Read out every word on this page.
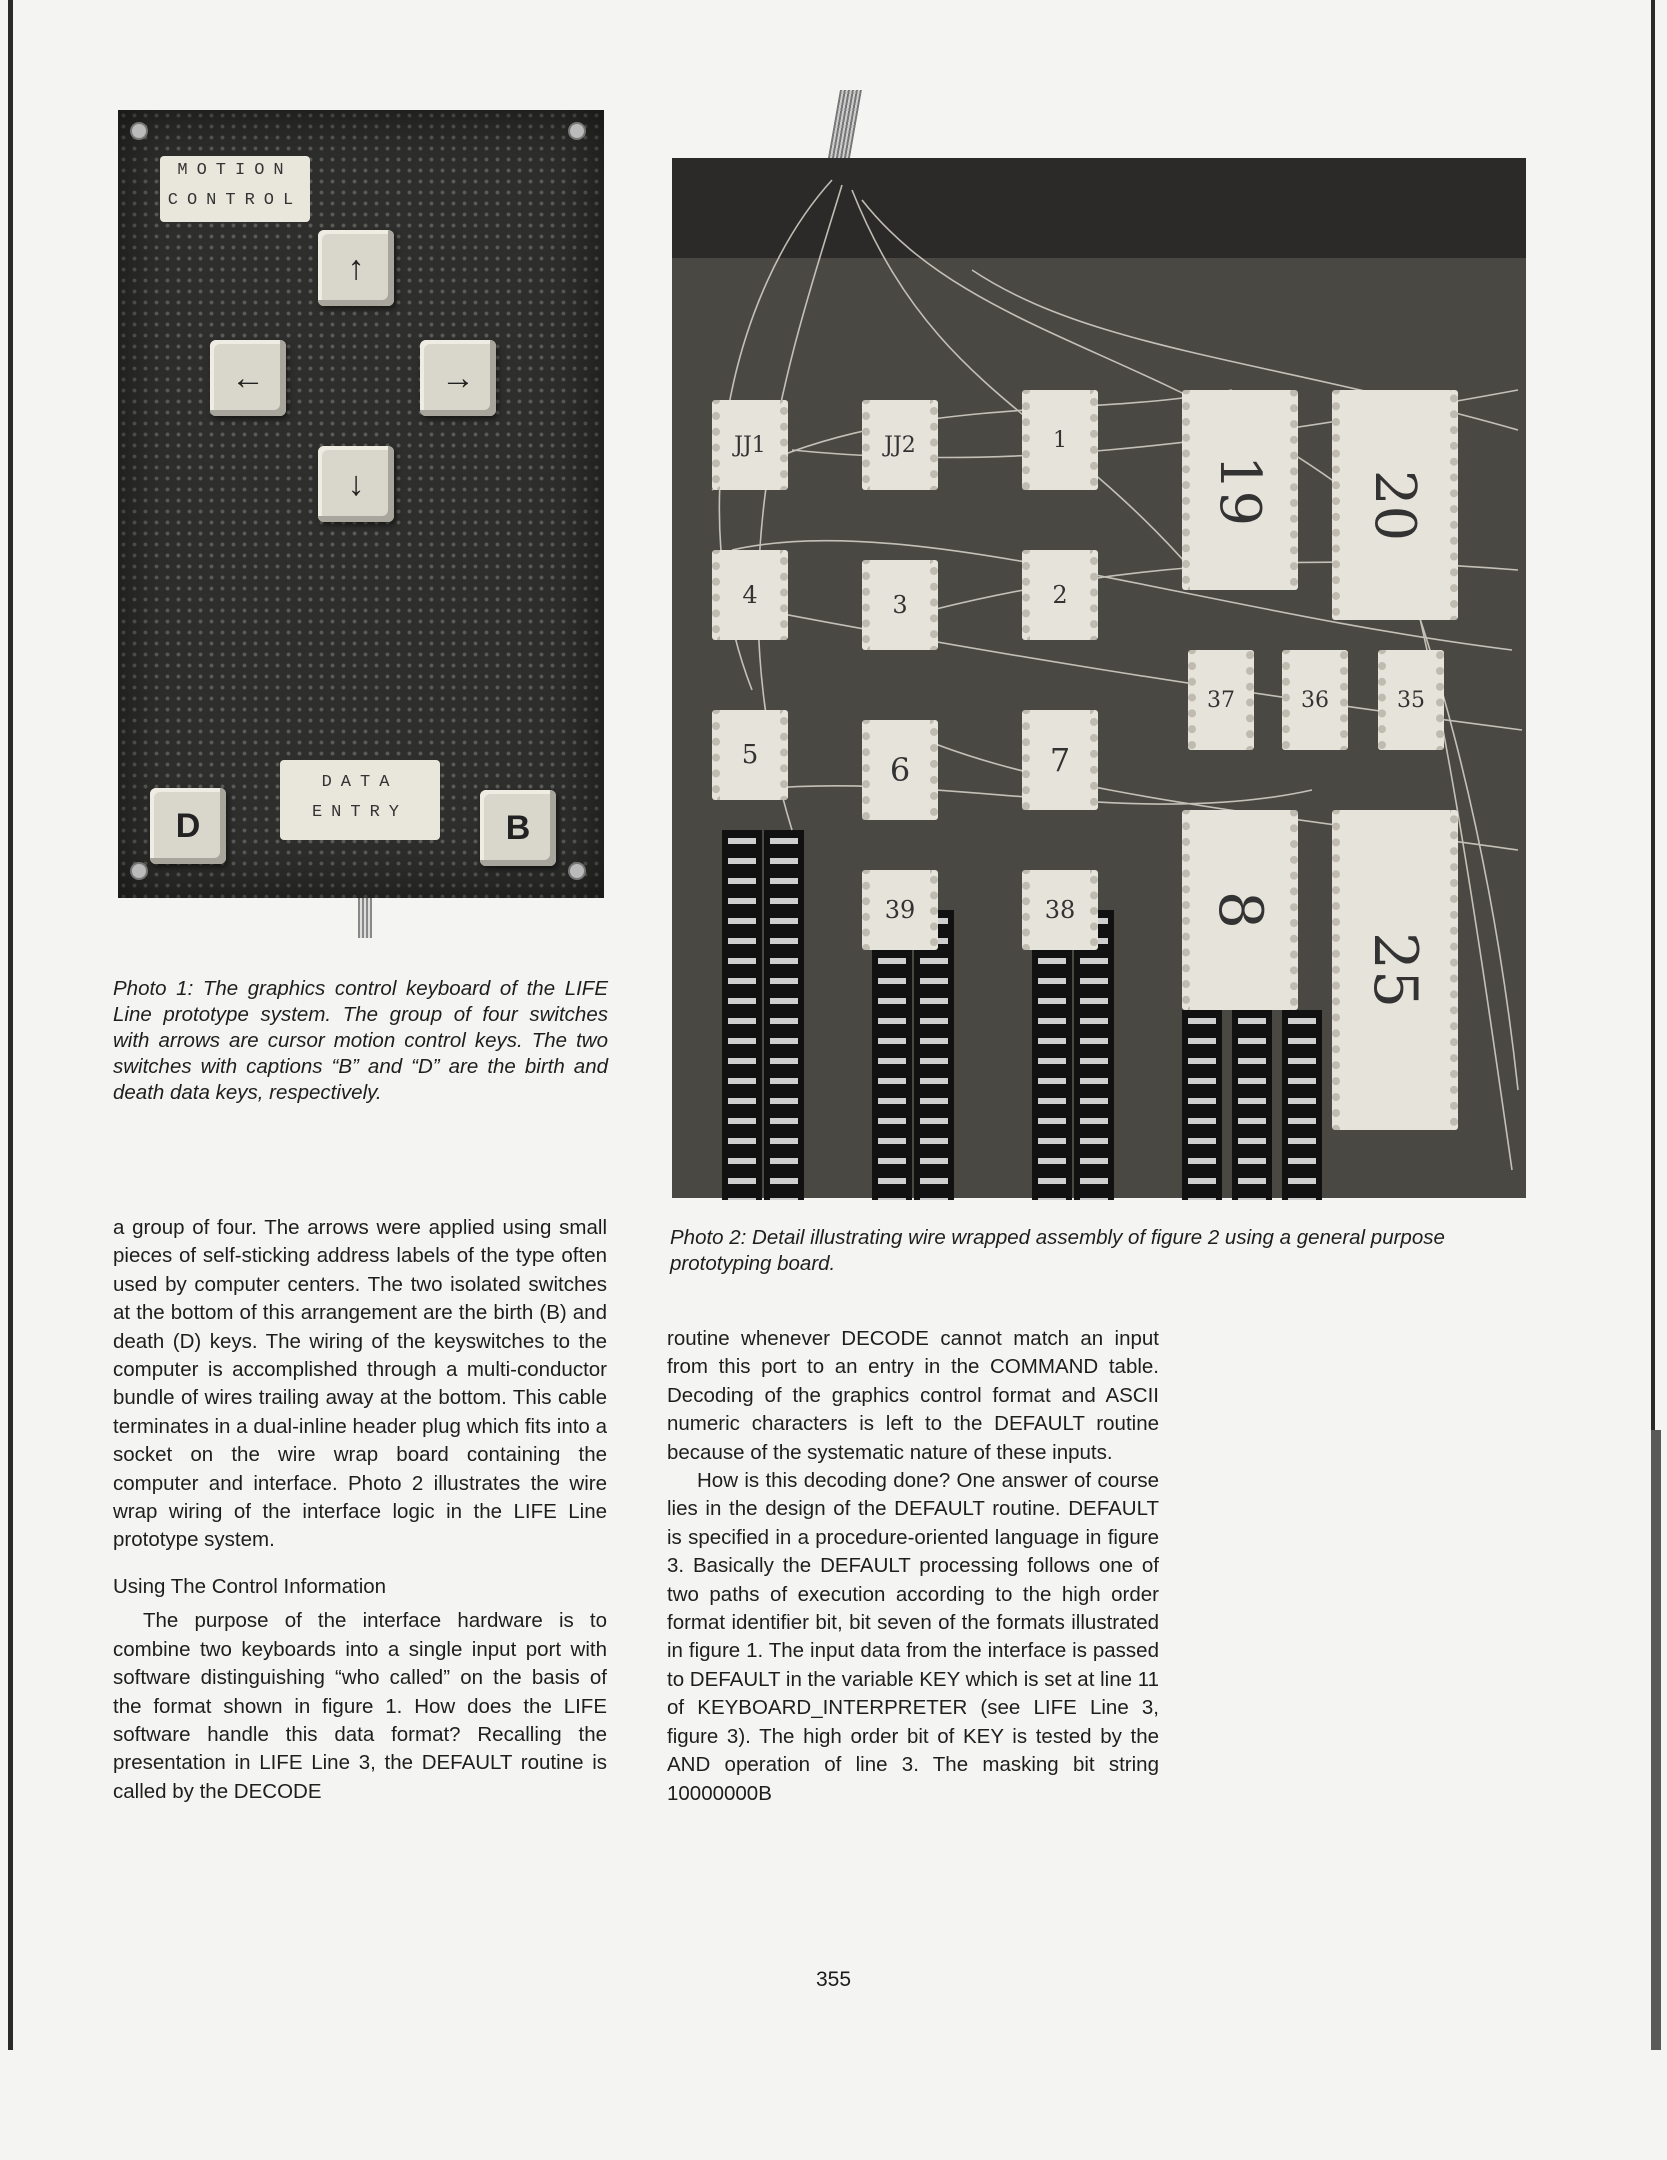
MOTION
CONTROL
↑
←	→
↓
DATA
ENTRY
D	B

Photo 1: The graphics control keyboard of the LIFE Line prototype system. The group of four switches with arrows are cursor motion control keys. The two switches with captions “B” and “D” are the birth and death data keys, respectively.

JJ1	JJ2	1
19 20
4	3	2
37	36	35
5	6	7
8
25
39	38

Photo 2: Detail illustrating wire wrapped assembly of figure 2 using a general purpose prototyping board.

a group of four. The arrows were applied using small pieces of self-sticking address labels of the type often used by computer centers. The two isolated switches at the bottom of this arrangement are the birth (B) and death (D) keys. The wiring of the keyswitches to the computer is accomplished through a multi-conductor bundle of wires trailing away at the bottom. This cable terminates in a dual-inline header plug which fits into a socket on the wire wrap board containing the computer and interface. Photo 2 illustrates the wire wrap wiring of the interface logic in the LIFE Line prototype system.

Using The Control Information

The purpose of the interface hardware is to combine two keyboards into a single input port with software distinguishing “who called” on the basis of the format shown in figure 1. How does the LIFE software handle this data format? Recalling the presentation in LIFE Line 3, the DEFAULT routine is called by the DECODE

routine whenever DECODE cannot match an input from this port to an entry in the COMMAND table. Decoding of the graphics control format and ASCII numeric characters is left to the DEFAULT routine because of the systematic nature of these inputs.

How is this decoding done? One answer of course lies in the design of the DEFAULT routine. DEFAULT is specified in a procedure-oriented language in figure 3. Basically the DEFAULT processing follows one of two paths of execution according to the high order format identifier bit, bit seven of the formats illustrated in figure 1. The input data from the interface is passed to DEFAULT in the variable KEY which is set at line 11 of KEYBOARD_INTERPRETER (see LIFE Line 3, figure 3). The high order bit of KEY is tested by the AND operation of line 3. The masking bit string 10000000B

355
